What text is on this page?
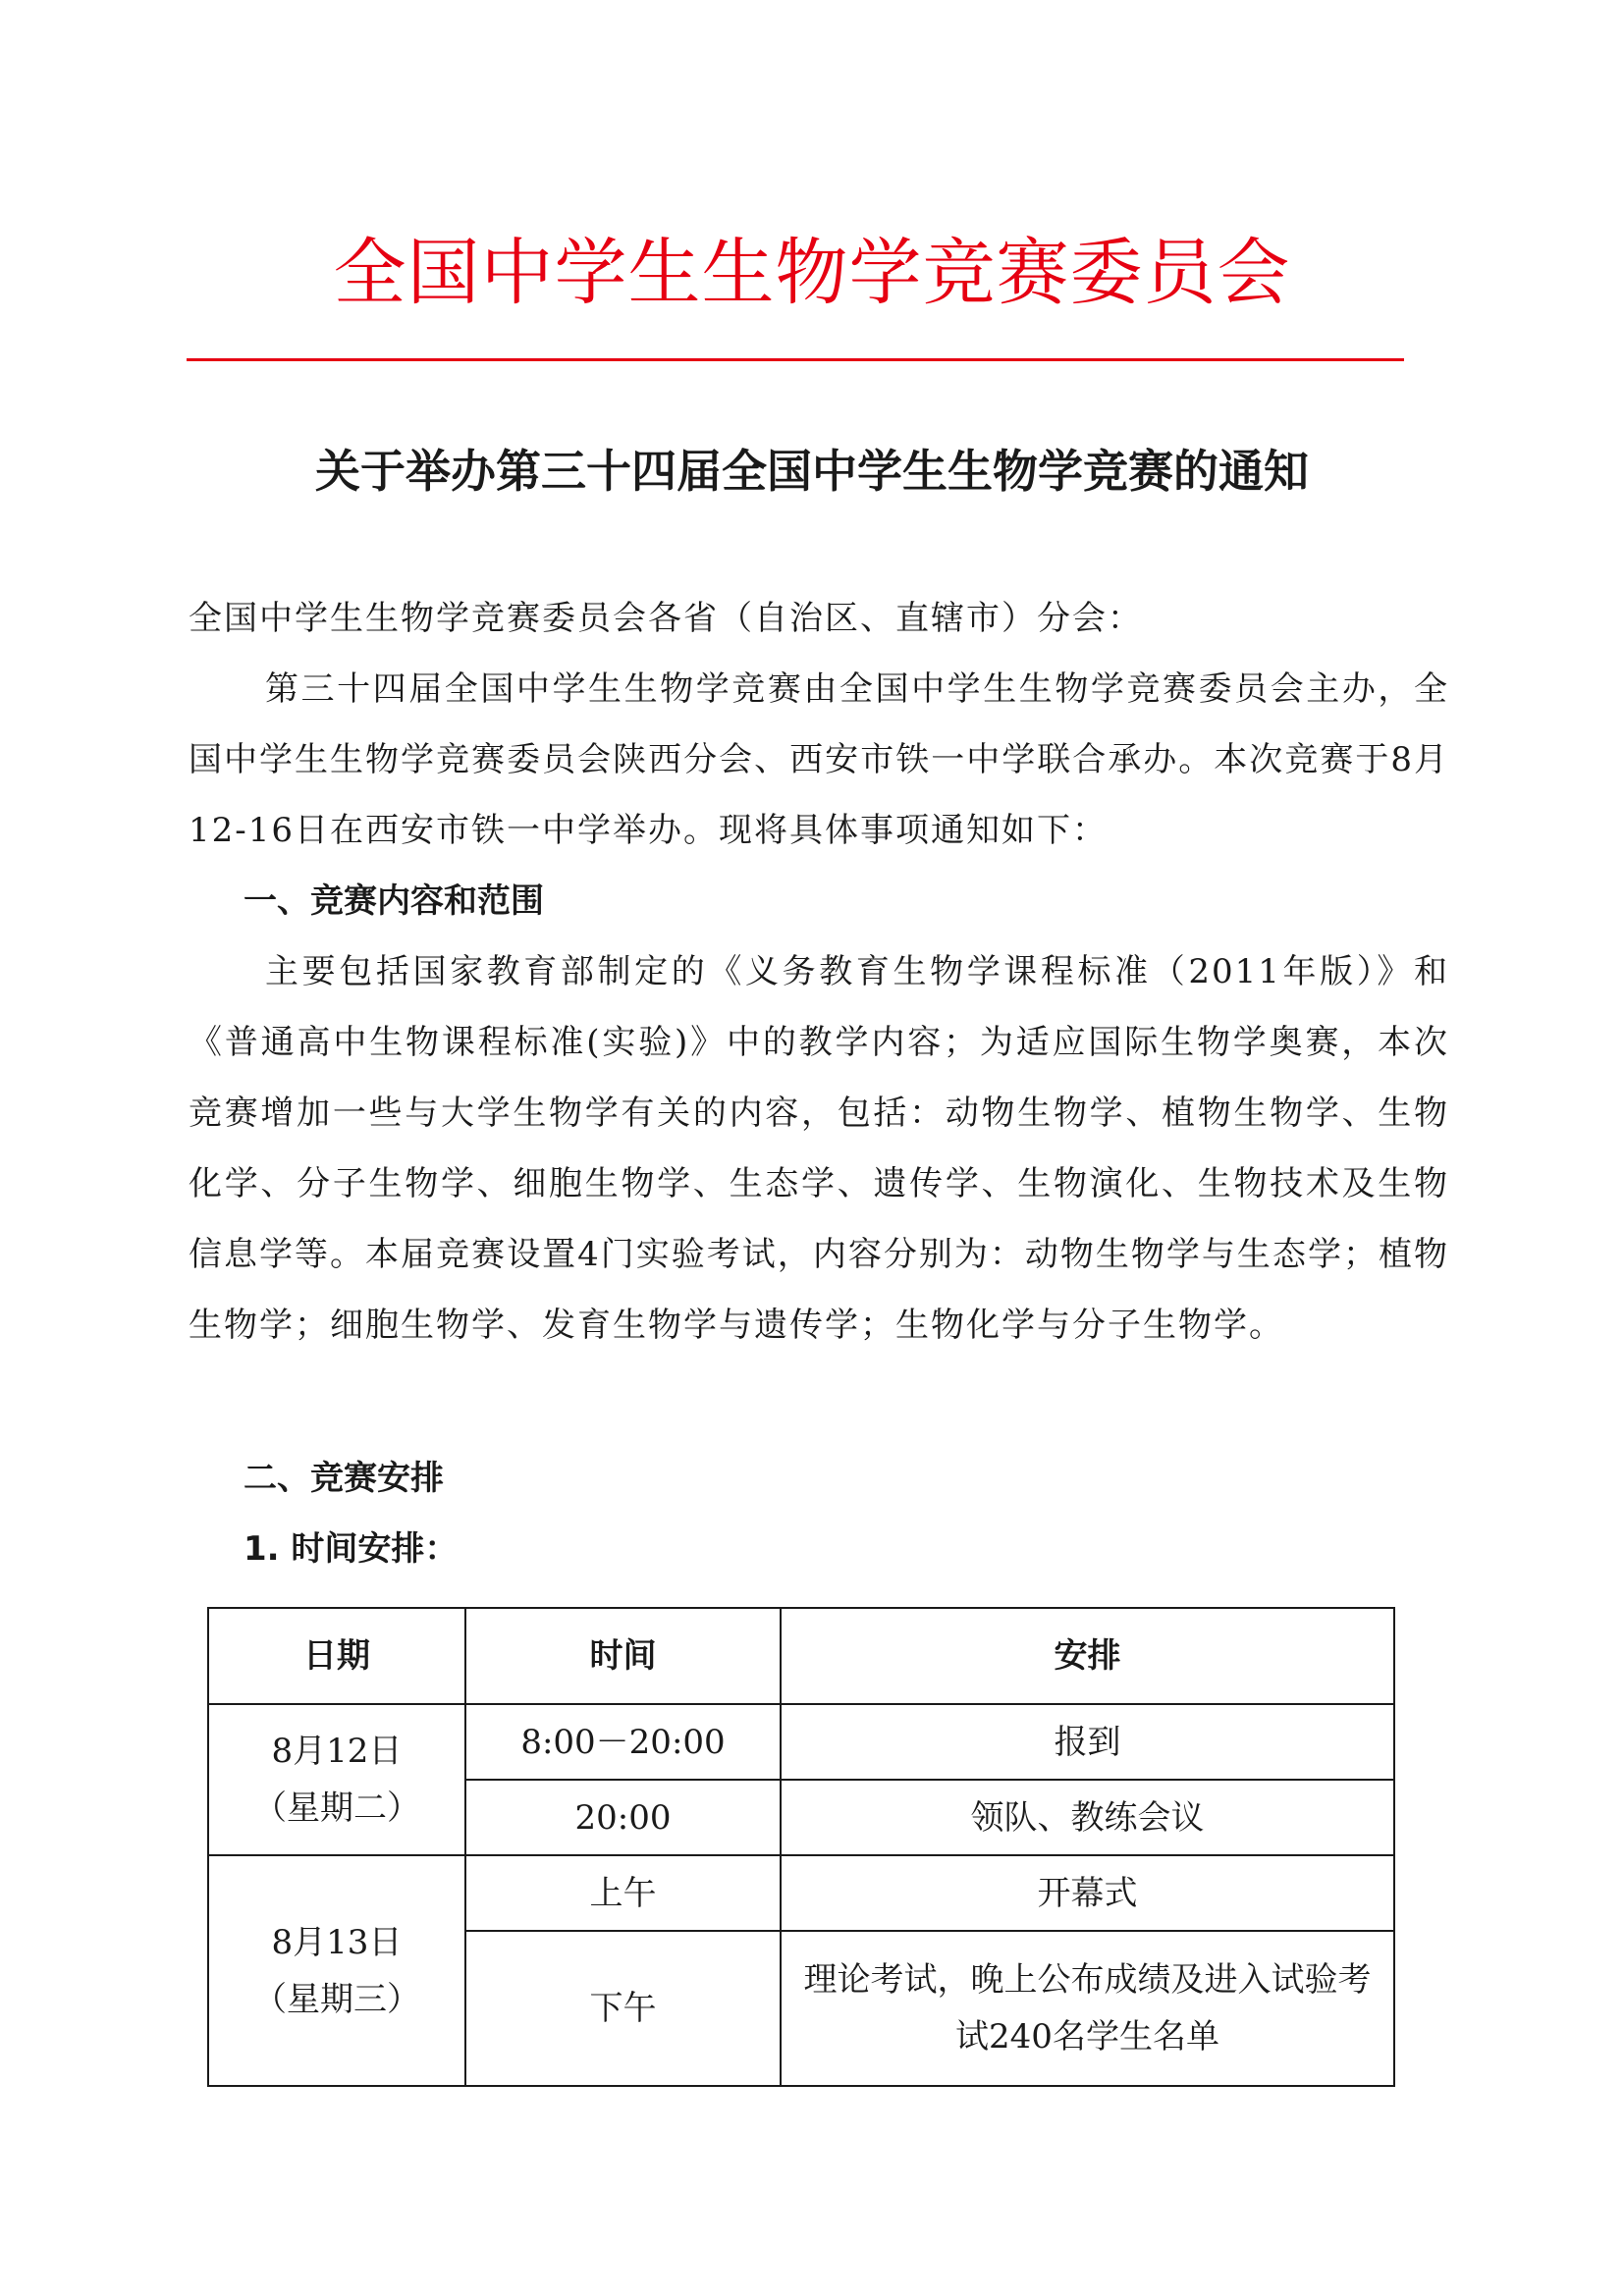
全国中学生生物学竞赛委员会
关于举办第三十四届全国中学生生物学竞赛的通知
全国中学生生物学竞赛委员会各省（自治区、直辖市）分会：
第三十四届全国中学生生物学竞赛由全国中学生生物学竞赛委员会主办，全国中学生生物学竞赛委员会陕西分会、西安市铁一中学联合承办。本次竞赛于8月12-16日在西安市铁一中学举办。现将具体事项通知如下：
一、竞赛内容和范围
主要包括国家教育部制定的《义务教育生物学课程标准（2011年版）》和《普通高中生物课程标准(实验)》中的教学内容；为适应国际生物学奥赛，本次竞赛增加一些与大学生物学有关的内容，包括：动物生物学、植物生物学、生物化学、分子生物学、细胞生物学、生态学、遗传学、生物演化、生物技术及生物信息学等。本届竞赛设置4门实验考试，内容分别为：动物生物学与生态学；植物生物学；细胞生物学、发育生物学与遗传学；生物化学与分子生物学。
二、竞赛安排
1. 时间安排：
日期	时间	安排

8月12日
（星期二）	8:00－20:00	报到
	20:00	领队、教练会议

8月13日
（星期三）	上午	开幕式
	下午	理论考试，晚上公布成绩及进入试验考试240名学生名单
